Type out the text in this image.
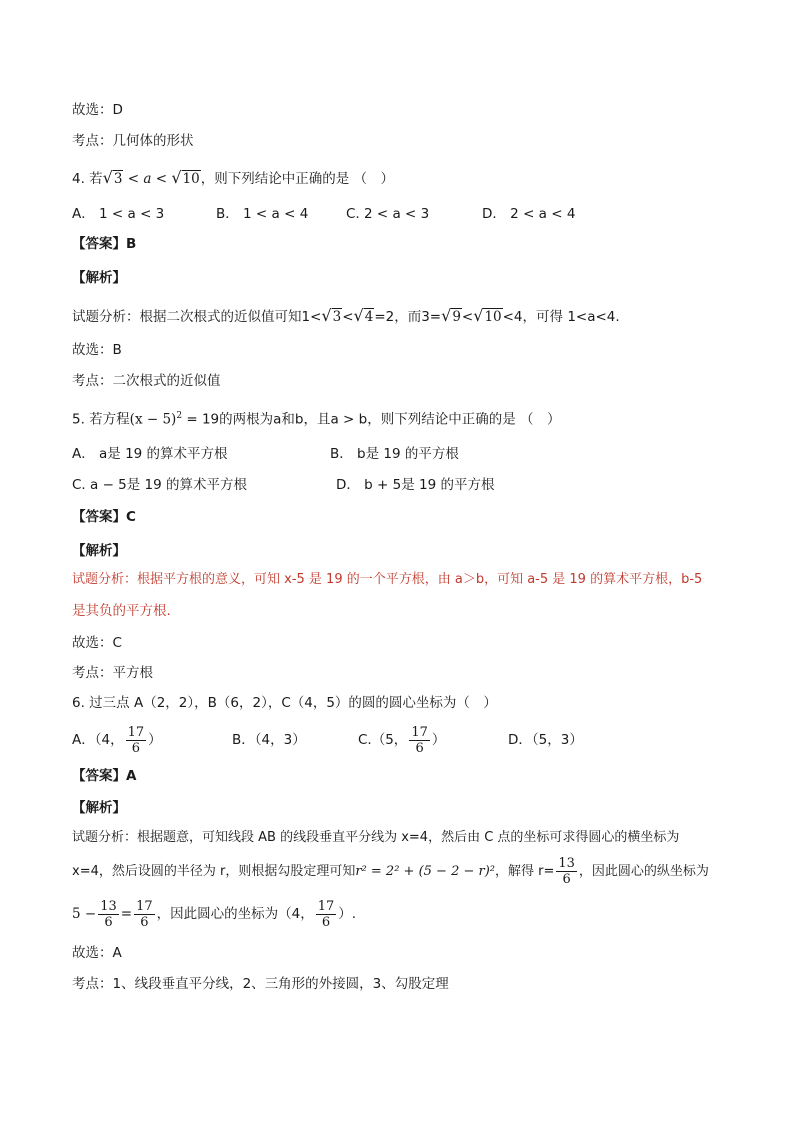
故选：D
考点：几何体的形状
4. 若√3 < a < √10，则下列结论中正确的是 （　）
A． 1 < a < 3	B． 1 < a < 4	C. 2 < a < 3	D． 2 < a < 4
【答案】B
【解析】
试题分析：根据二次根式的近似值可知1<√3<√4=2，而3=√9<√10<4，可得 1<a<4.
故选：B
考点：二次根式的近似值
5. 若方程$(x - 5)^2 = 19$的两根为a和b，且a > b，则下列结论中正确的是 （　）
A． a是 19 的算术平方根	B． b是 19 的平方根
C. a − 5是 19 的算术平方根	D． b + 5是 19 的平方根
【答案】C
【解析】
试题分析：根据平方根的意义，可知 x-5 是 19 的一个平方根，由 a＞b，可知 a-5 是 19 的算术平方根，b-5
是其负的平方根.
故选：C
考点：平方根
6. 过三点 A（2，2），B（6，2），C（4，5）的圆的圆心坐标为（　）
A．（4， $\frac{17}{6}$ ）	B．（4，3）	C.（5， $\frac{17}{6}$ ）	D．（5，3）
【答案】A
【解析】
试题分析：根据题意，可知线段 AB 的线段垂直平分线为 x=4，然后由 C 点的坐标可求得圆心的横坐标为
x=4，然后设圆的半径为 r，则根据勾股定理可知r² = 2² + (5 − 2 − r)²，解得 $r= \frac{13}{6}$ ，因此圆心的纵坐标为
$5 - \frac{13}{6} = \frac{17}{6}$ ，因此圆心的坐标为（4， $\frac{17}{6}$ ）.
故选：A
考点：1、线段垂直平分线，2、三角形的外接圆，3、勾股定理
